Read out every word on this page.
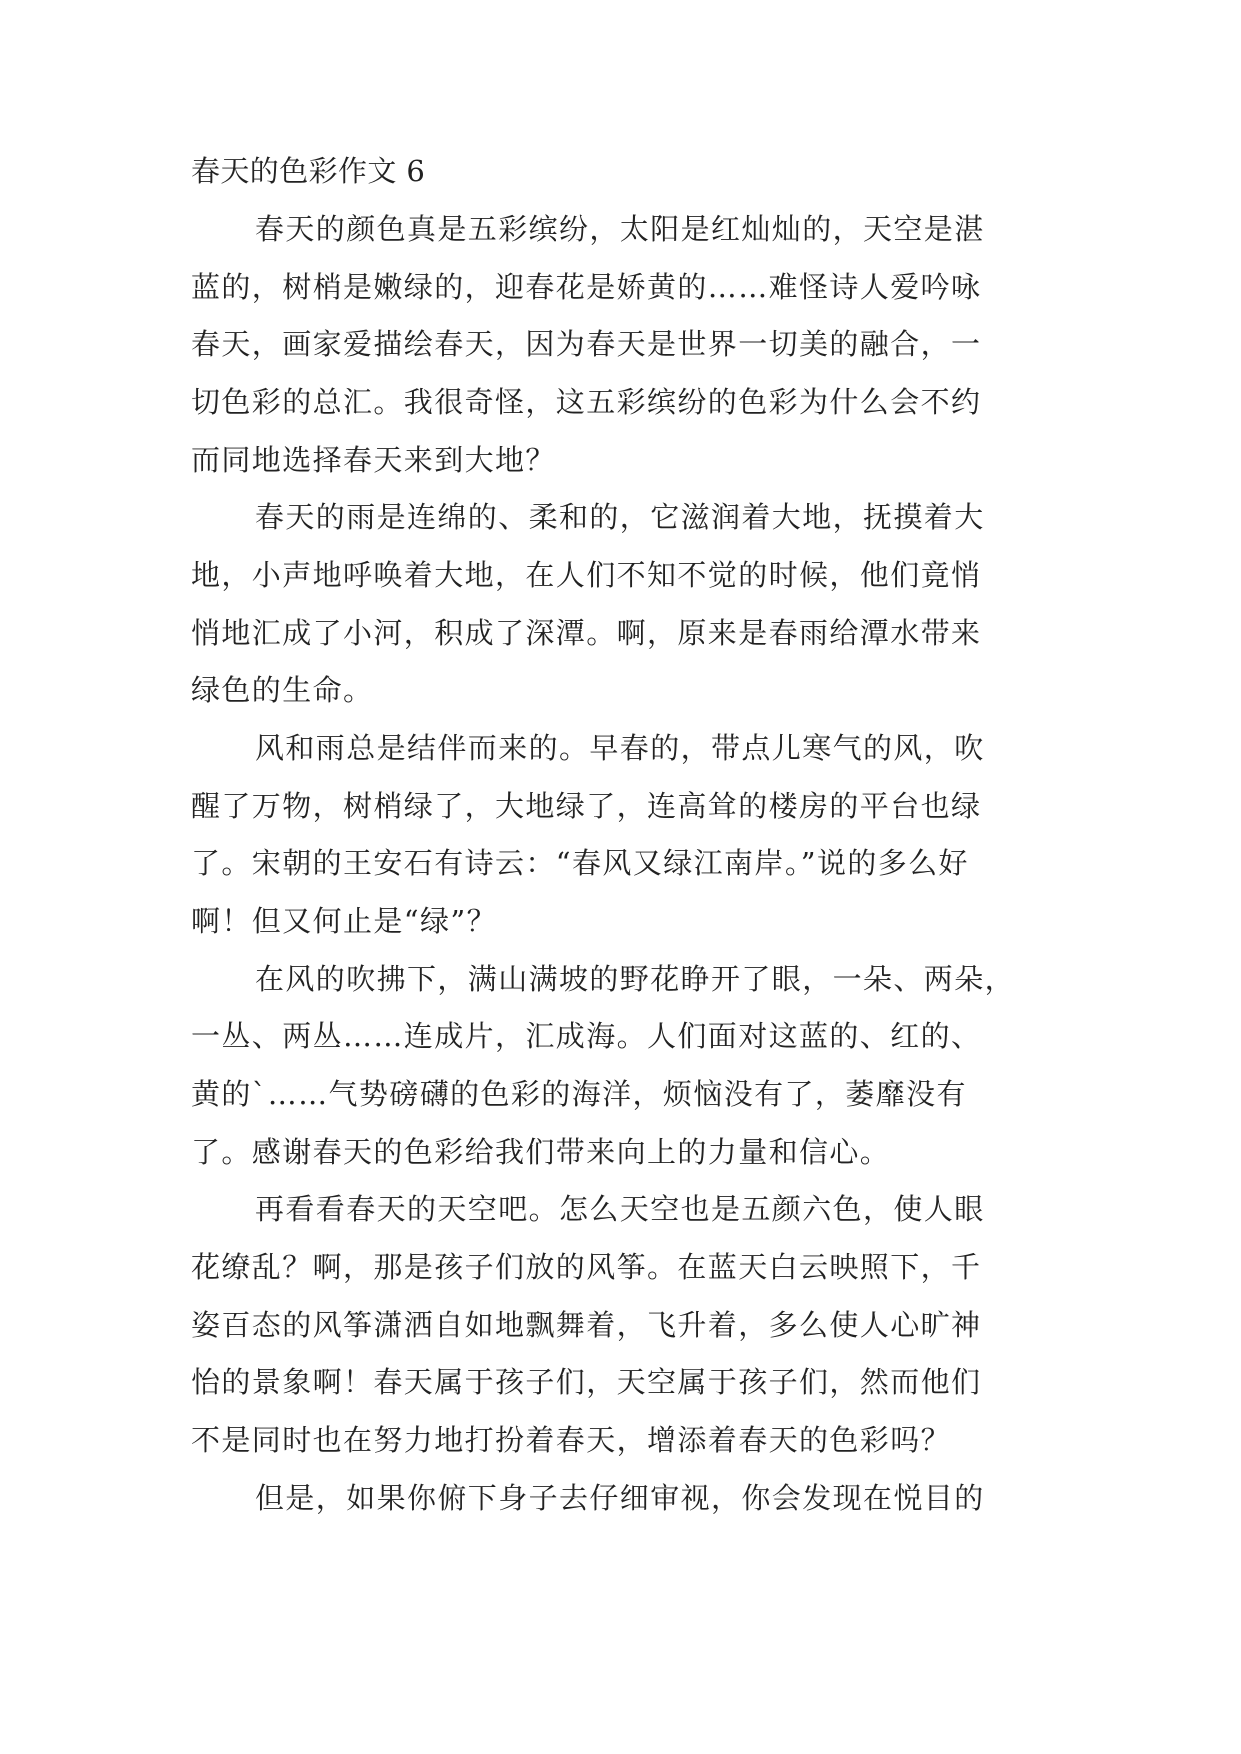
春天的色彩作文 6
春天的颜色真是五彩缤纷，太阳是红灿灿的，天空是湛
蓝的，树梢是嫩绿的，迎春花是娇黄的……难怪诗人爱吟咏
春天，画家爱描绘春天，因为春天是世界一切美的融合，一
切色彩的总汇。我很奇怪，这五彩缤纷的色彩为什么会不约
而同地选择春天来到大地？
春天的雨是连绵的、柔和的，它滋润着大地，抚摸着大
地，小声地呼唤着大地，在人们不知不觉的时候，他们竟悄
悄地汇成了小河，积成了深潭。啊，原来是春雨给潭水带来
绿色的生命。
风和雨总是结伴而来的。早春的，带点儿寒气的风，吹
醒了万物，树梢绿了，大地绿了，连高耸的楼房的平台也绿
了。宋朝的王安石有诗云：“春风又绿江南岸。”说的多么好
啊！但又何止是“绿”？
在风的吹拂下，满山满坡的野花睁开了眼，一朵、两朵，
一丛、两丛……连成片，汇成海。人们面对这蓝的、红的、
黄的`……气势磅礴的色彩的海洋，烦恼没有了，萎靡没有
了。感谢春天的色彩给我们带来向上的力量和信心。
再看看春天的天空吧。怎么天空也是五颜六色，使人眼
花缭乱？啊，那是孩子们放的风筝。在蓝天白云映照下，千
姿百态的风筝潇洒自如地飘舞着，飞升着，多么使人心旷神
怡的景象啊！春天属于孩子们，天空属于孩子们，然而他们
不是同时也在努力地打扮着春天，增添着春天的色彩吗？
但是，如果你俯下身子去仔细审视，你会发现在悦目的
